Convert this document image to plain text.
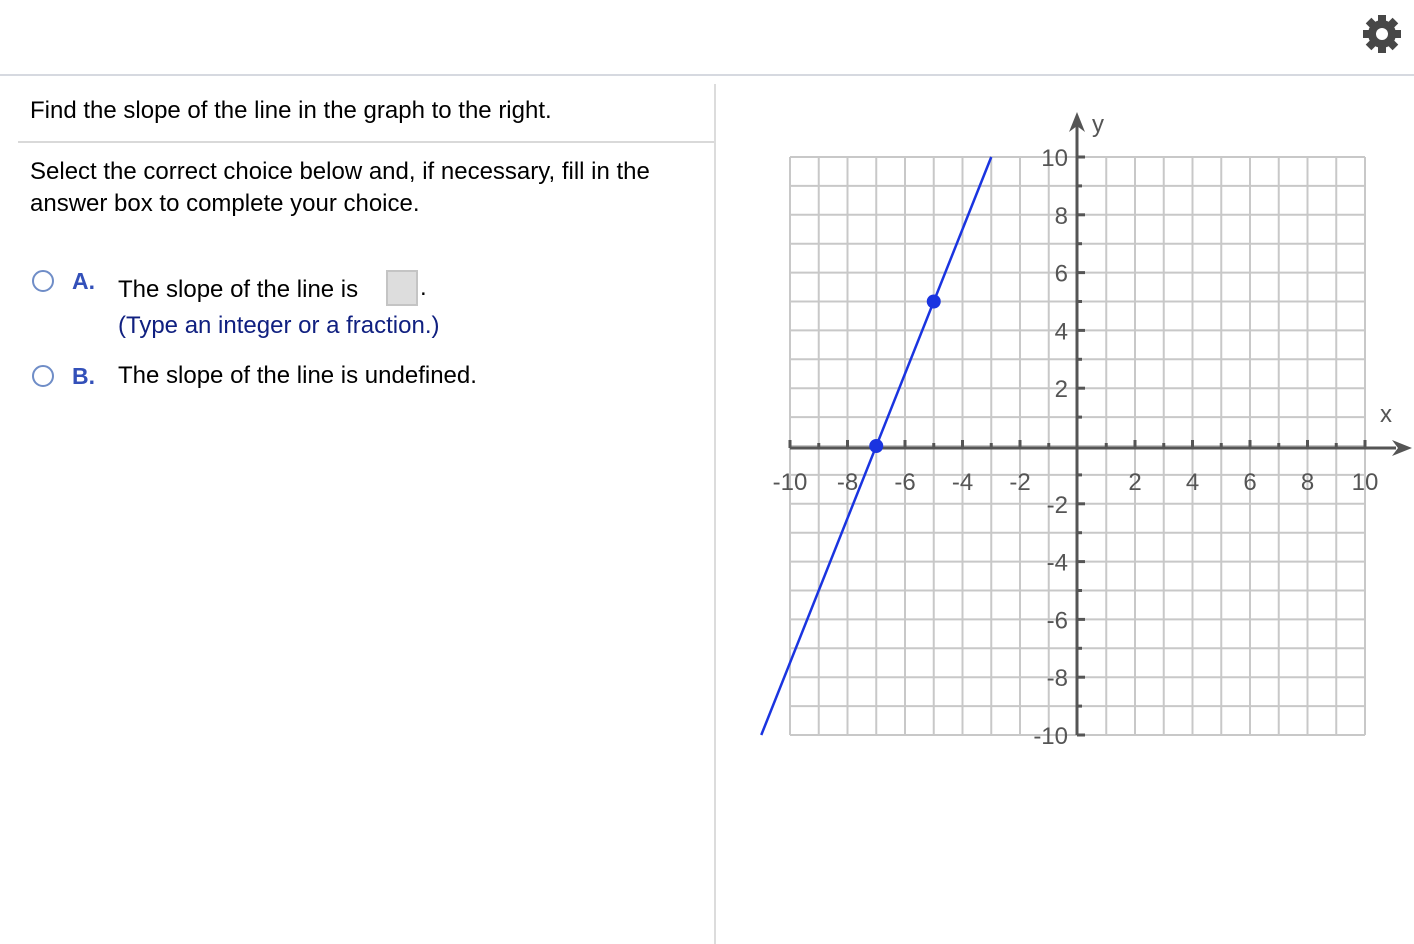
Find the slope of the line in the graph to the right.

Select the correct choice below and, if necessary, fill in the answer box to complete your choice.

A. The slope of the line is
(Type an integer or a fraction.)
.
B. The slope of the line is undefined.
-10 -8 -6 -4 -2	2 4 6 8 10
10
8
6
4
2
-2
-4
-6
-8
-10
x
y
